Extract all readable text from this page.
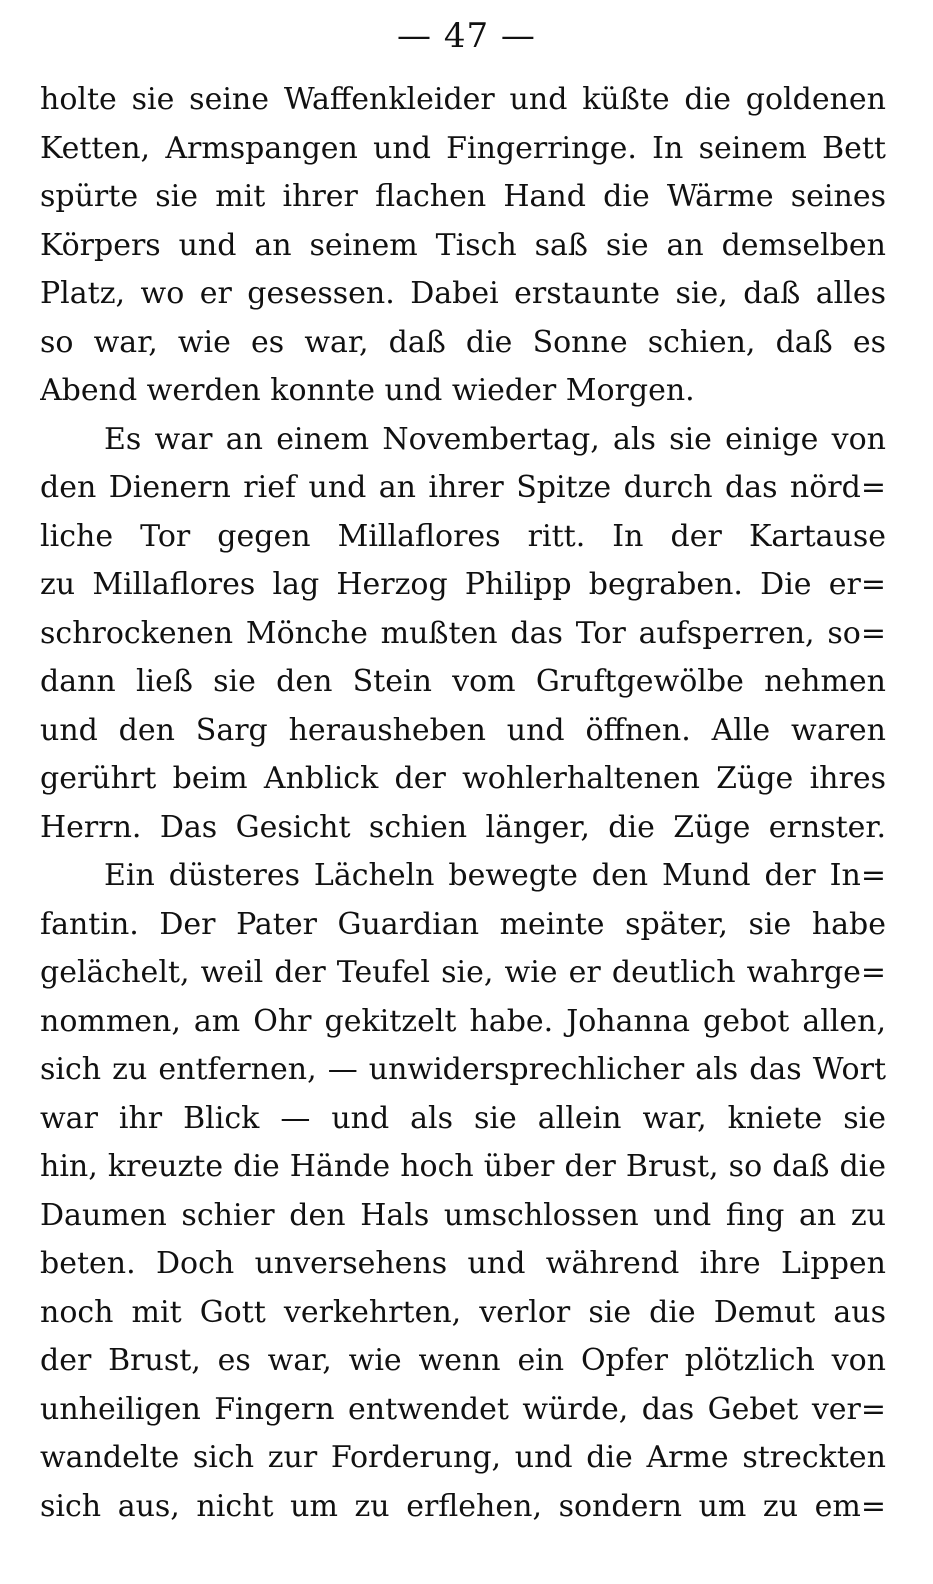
— 47 —
holte sie seine Waffenkleider und küßte die goldenen
Ketten, Armspangen und Fingerringe. In seinem Bett
spürte sie mit ihrer flachen Hand die Wärme seines
Körpers und an seinem Tisch saß sie an demselben
Platz, wo er gesessen. Dabei erstaunte sie, daß alles
so war, wie es war, daß die Sonne schien, daß es
Abend werden konnte und wieder Morgen.
Es war an einem Novembertag, als sie einige von
den Dienern rief und an ihrer Spitze durch das nörd=
liche Tor gegen Millaflores ritt. In der Kartause
zu Millaflores lag Herzog Philipp begraben. Die er=
schrockenen Mönche mußten das Tor aufsperren, so=
dann ließ sie den Stein vom Gruftgewölbe nehmen
und den Sarg herausheben und öffnen. Alle waren
gerührt beim Anblick der wohlerhaltenen Züge ihres
Herrn. Das Gesicht schien länger, die Züge ernster.
Ein düsteres Lächeln bewegte den Mund der In=
fantin. Der Pater Guardian meinte später, sie habe
gelächelt, weil der Teufel sie, wie er deutlich wahrge=
nommen, am Ohr gekitzelt habe. Johanna gebot allen,
sich zu entfernen, — unwidersprechlicher als das Wort
war ihr Blick — und als sie allein war, kniete sie
hin, kreuzte die Hände hoch über der Brust, so daß die
Daumen schier den Hals umschlossen und fing an zu
beten. Doch unversehens und während ihre Lippen
noch mit Gott verkehrten, verlor sie die Demut aus
der Brust, es war, wie wenn ein Opfer plötzlich von
unheiligen Fingern entwendet würde, das Gebet ver=
wandelte sich zur Forderung, und die Arme streckten
sich aus, nicht um zu erflehen, sondern um zu em=
